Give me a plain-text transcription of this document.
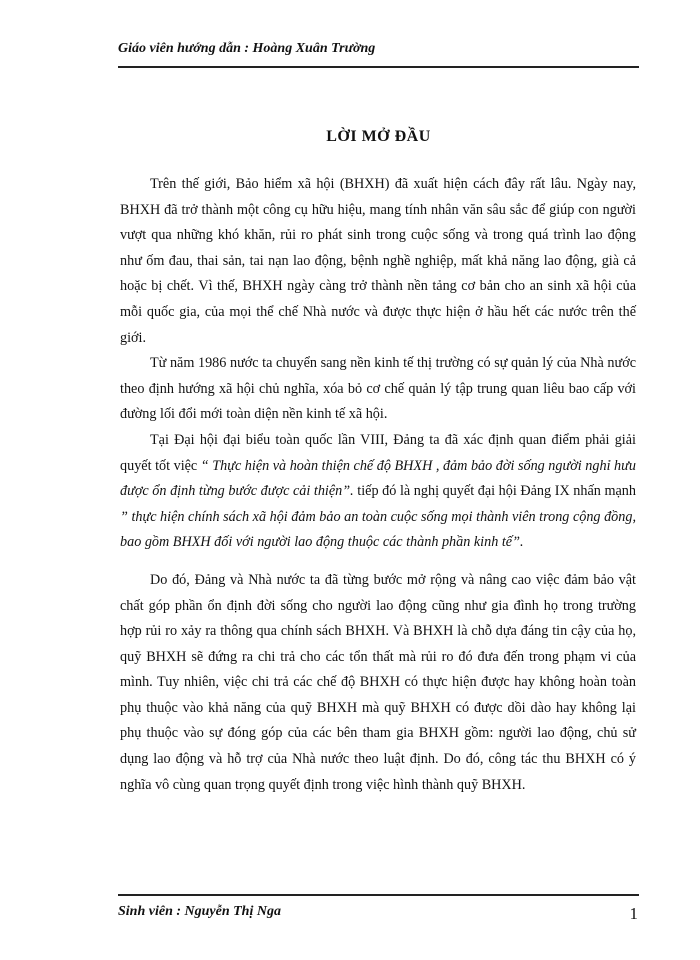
Giáo viên hướng dẫn : Hoàng Xuân Trường
LỜI MỞ ĐẦU

Trên thế giới, Bảo hiểm xã hội (BHXH) đã xuất hiện cách đây rất lâu. Ngày nay, BHXH đã trở thành một công cụ hữu hiệu, mang tính nhân văn sâu sắc để giúp con người vượt qua những khó khăn, rủi ro phát sinh trong cuộc sống và trong quá trình lao động như ốm đau, thai sản, tai nạn lao động, bệnh nghề nghiệp, mất khả năng lao động, già cả hoặc bị chết. Vì thế, BHXH ngày càng trở thành nền tảng cơ bản cho an sinh xã hội của mỗi quốc gia, của mọi thể chế Nhà nước và được thực hiện ở hầu hết các nước trên thế giới.

Từ năm 1986 nước ta chuyển sang nền kinh tế thị trường có sự quản lý của Nhà nước theo định hướng xã hội chủ nghĩa, xóa bỏ cơ chế quản lý tập trung quan liêu bao cấp với đường lối đổi mới toàn diện nền kinh tế xã hội.

Tại Đại hội đại biểu toàn quốc lần VIII, Đảng ta đã xác định quan điểm phải giải quyết tốt việc “ Thực hiện và hoàn thiện chế độ BHXH , đảm bảo đời sống người nghỉ hưu được ổn định từng bước được cải thiện”. tiếp đó là nghị quyết đại hội Đảng IX nhấn mạnh ” thực hiện chính sách xã hội đảm bảo an toàn cuộc sống mọi thành viên trong cộng đồng, bao gồm BHXH đối với người lao động thuộc các thành phần kinh tế”.

Do đó, Đảng và Nhà nước ta đã từng bước mở rộng và nâng cao việc đảm bảo vật chất góp phần ổn định đời sống cho người lao động cũng như gia đình họ trong trường hợp rủi ro xảy ra thông qua chính sách BHXH. Và BHXH là chỗ dựa đáng tin cậy của họ, quỹ BHXH sẽ đứng ra chi trả cho các tổn thất mà rủi ro đó đưa đến trong phạm vi của mình. Tuy nhiên, việc chi trả các chế độ BHXH có thực hiện được hay không hoàn toàn phụ thuộc vào khả năng của quỹ BHXH mà quỹ BHXH có được dồi dào hay không lại phụ thuộc vào sự đóng góp của các bên tham gia BHXH gồm: người lao động, chủ sử dụng lao động và hỗ trợ của Nhà nước theo luật định. Do đó, công tác thu BHXH có ý nghĩa vô cùng quan trọng quyết định trong việc hình thành quỹ BHXH.

Sinh viên : Nguyễn Thị Nga	1
